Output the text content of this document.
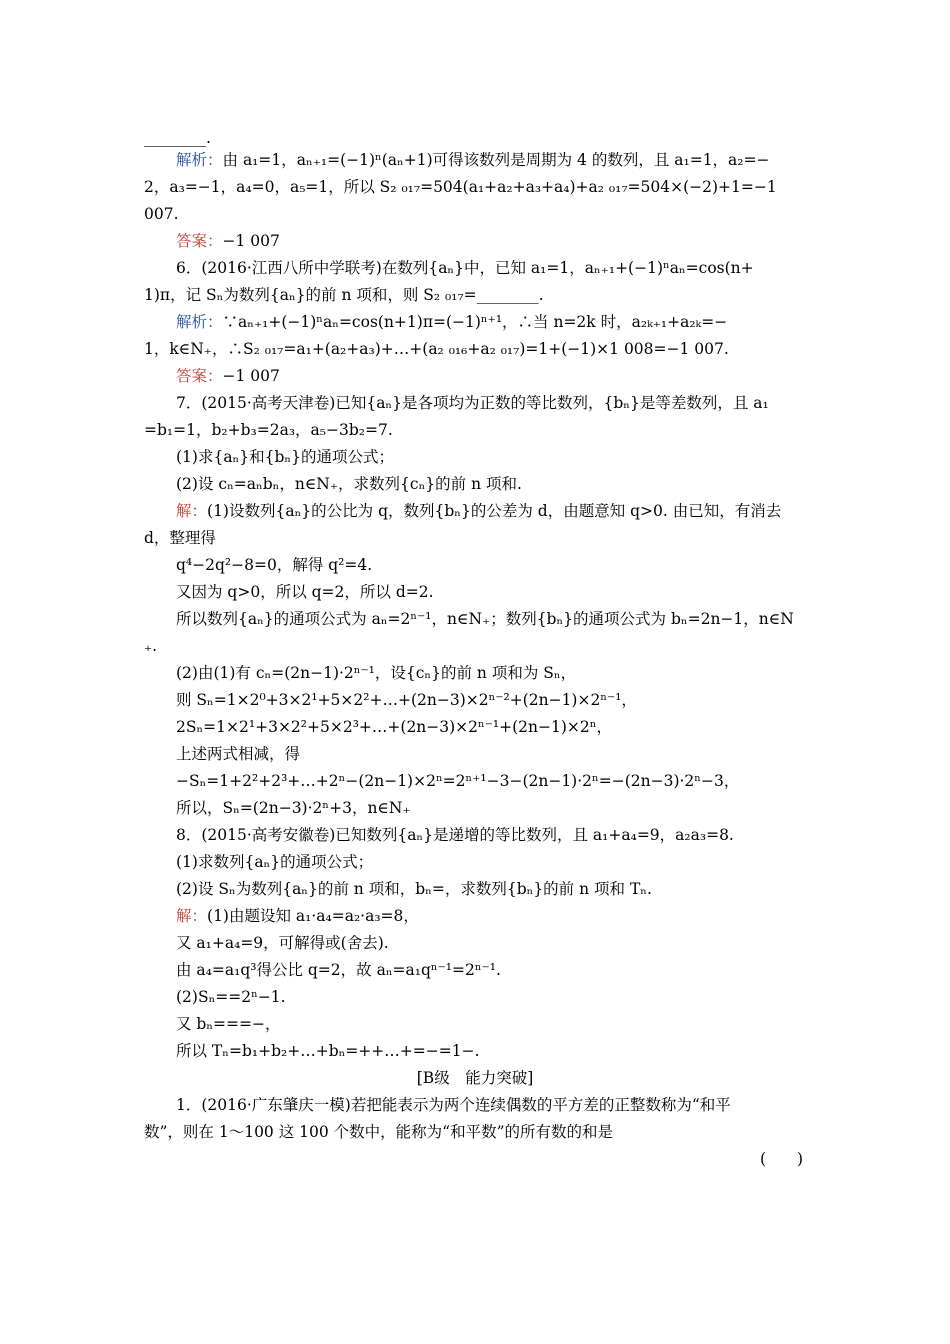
________.
解析：由 a₁=1，aₙ₊₁=(−1)ⁿ(aₙ+1)可得该数列是周期为 4 的数列，且 a₁=1，a₂=−
2，a₃=−1，a₄=0，a₅=1，所以 S₂ ₀₁₇=504(a₁+a₂+a₃+a₄)+a₂ ₀₁₇=504×(−2)+1=−1
007.
答案：−1 007
6．(2016·江西八所中学联考)在数列{aₙ}中，已知 a₁=1，aₙ₊₁+(−1)ⁿaₙ=cos(n+
1)π，记 Sₙ为数列{aₙ}的前 n 项和，则 S₂ ₀₁₇=________.
解析：∵aₙ₊₁+(−1)ⁿaₙ=cos(n+1)π=(−1)ⁿ⁺¹，∴当 n=2k 时，a₂ₖ₊₁+a₂ₖ=−
1，k∈N₊，∴S₂ ₀₁₇=a₁+(a₂+a₃)+…+(a₂ ₀₁₆+a₂ ₀₁₇)=1+(−1)×1 008=−1 007.
答案：−1 007
7．(2015·高考天津卷)已知{aₙ}是各项均为正数的等比数列，{bₙ}是等差数列，且 a₁
=b₁=1，b₂+b₃=2a₃，a₅−3b₂=7.
(1)求{aₙ}和{bₙ}的通项公式；
(2)设 cₙ=aₙbₙ，n∈N₊，求数列{cₙ}的前 n 项和.
解：(1)设数列{aₙ}的公比为 q，数列{bₙ}的公差为 d，由题意知 q>0. 由已知，有消去
d，整理得
q⁴−2q²−8=0，解得 q²=4.
又因为 q>0，所以 q=2，所以 d=2.
所以数列{aₙ}的通项公式为 aₙ=2ⁿ⁻¹，n∈N₊；数列{bₙ}的通项公式为 bₙ=2n−1，n∈N
₊.
(2)由(1)有 cₙ=(2n−1)·2ⁿ⁻¹，设{cₙ}的前 n 项和为 Sₙ，
则 Sₙ=1×2⁰+3×2¹+5×2²+…+(2n−3)×2ⁿ⁻²+(2n−1)×2ⁿ⁻¹，
2Sₙ=1×2¹+3×2²+5×2³+…+(2n−3)×2ⁿ⁻¹+(2n−1)×2ⁿ，
上述两式相减，得
−Sₙ=1+2²+2³+…+2ⁿ−(2n−1)×2ⁿ=2ⁿ⁺¹−3−(2n−1)·2ⁿ=−(2n−3)·2ⁿ−3，
所以，Sₙ=(2n−3)·2ⁿ+3，n∈N₊
8．(2015·高考安徽卷)已知数列{aₙ}是递增的等比数列，且 a₁+a₄=9，a₂a₃=8.
(1)求数列{aₙ}的通项公式；
(2)设 Sₙ为数列{aₙ}的前 n 项和，bₙ=，求数列{bₙ}的前 n 项和 Tₙ.
解：(1)由题设知 a₁·a₄=a₂·a₃=8，
又 a₁+a₄=9，可解得或(舍去).
由 a₄=a₁q³得公比 q=2，故 aₙ=a₁qⁿ⁻¹=2ⁿ⁻¹.
(2)Sₙ==2ⁿ−1.
又 bₙ===−，
所以 Tₙ=b₁+b₂+…+bₙ=++…+=−=1−.
[B级　能力突破]
1．(2016·广东肇庆一模)若把能表示为两个连续偶数的平方差的正整数称为“和平
数”，则在 1～100 这 100 个数中，能称为“和平数”的所有数的和是
(　　)
